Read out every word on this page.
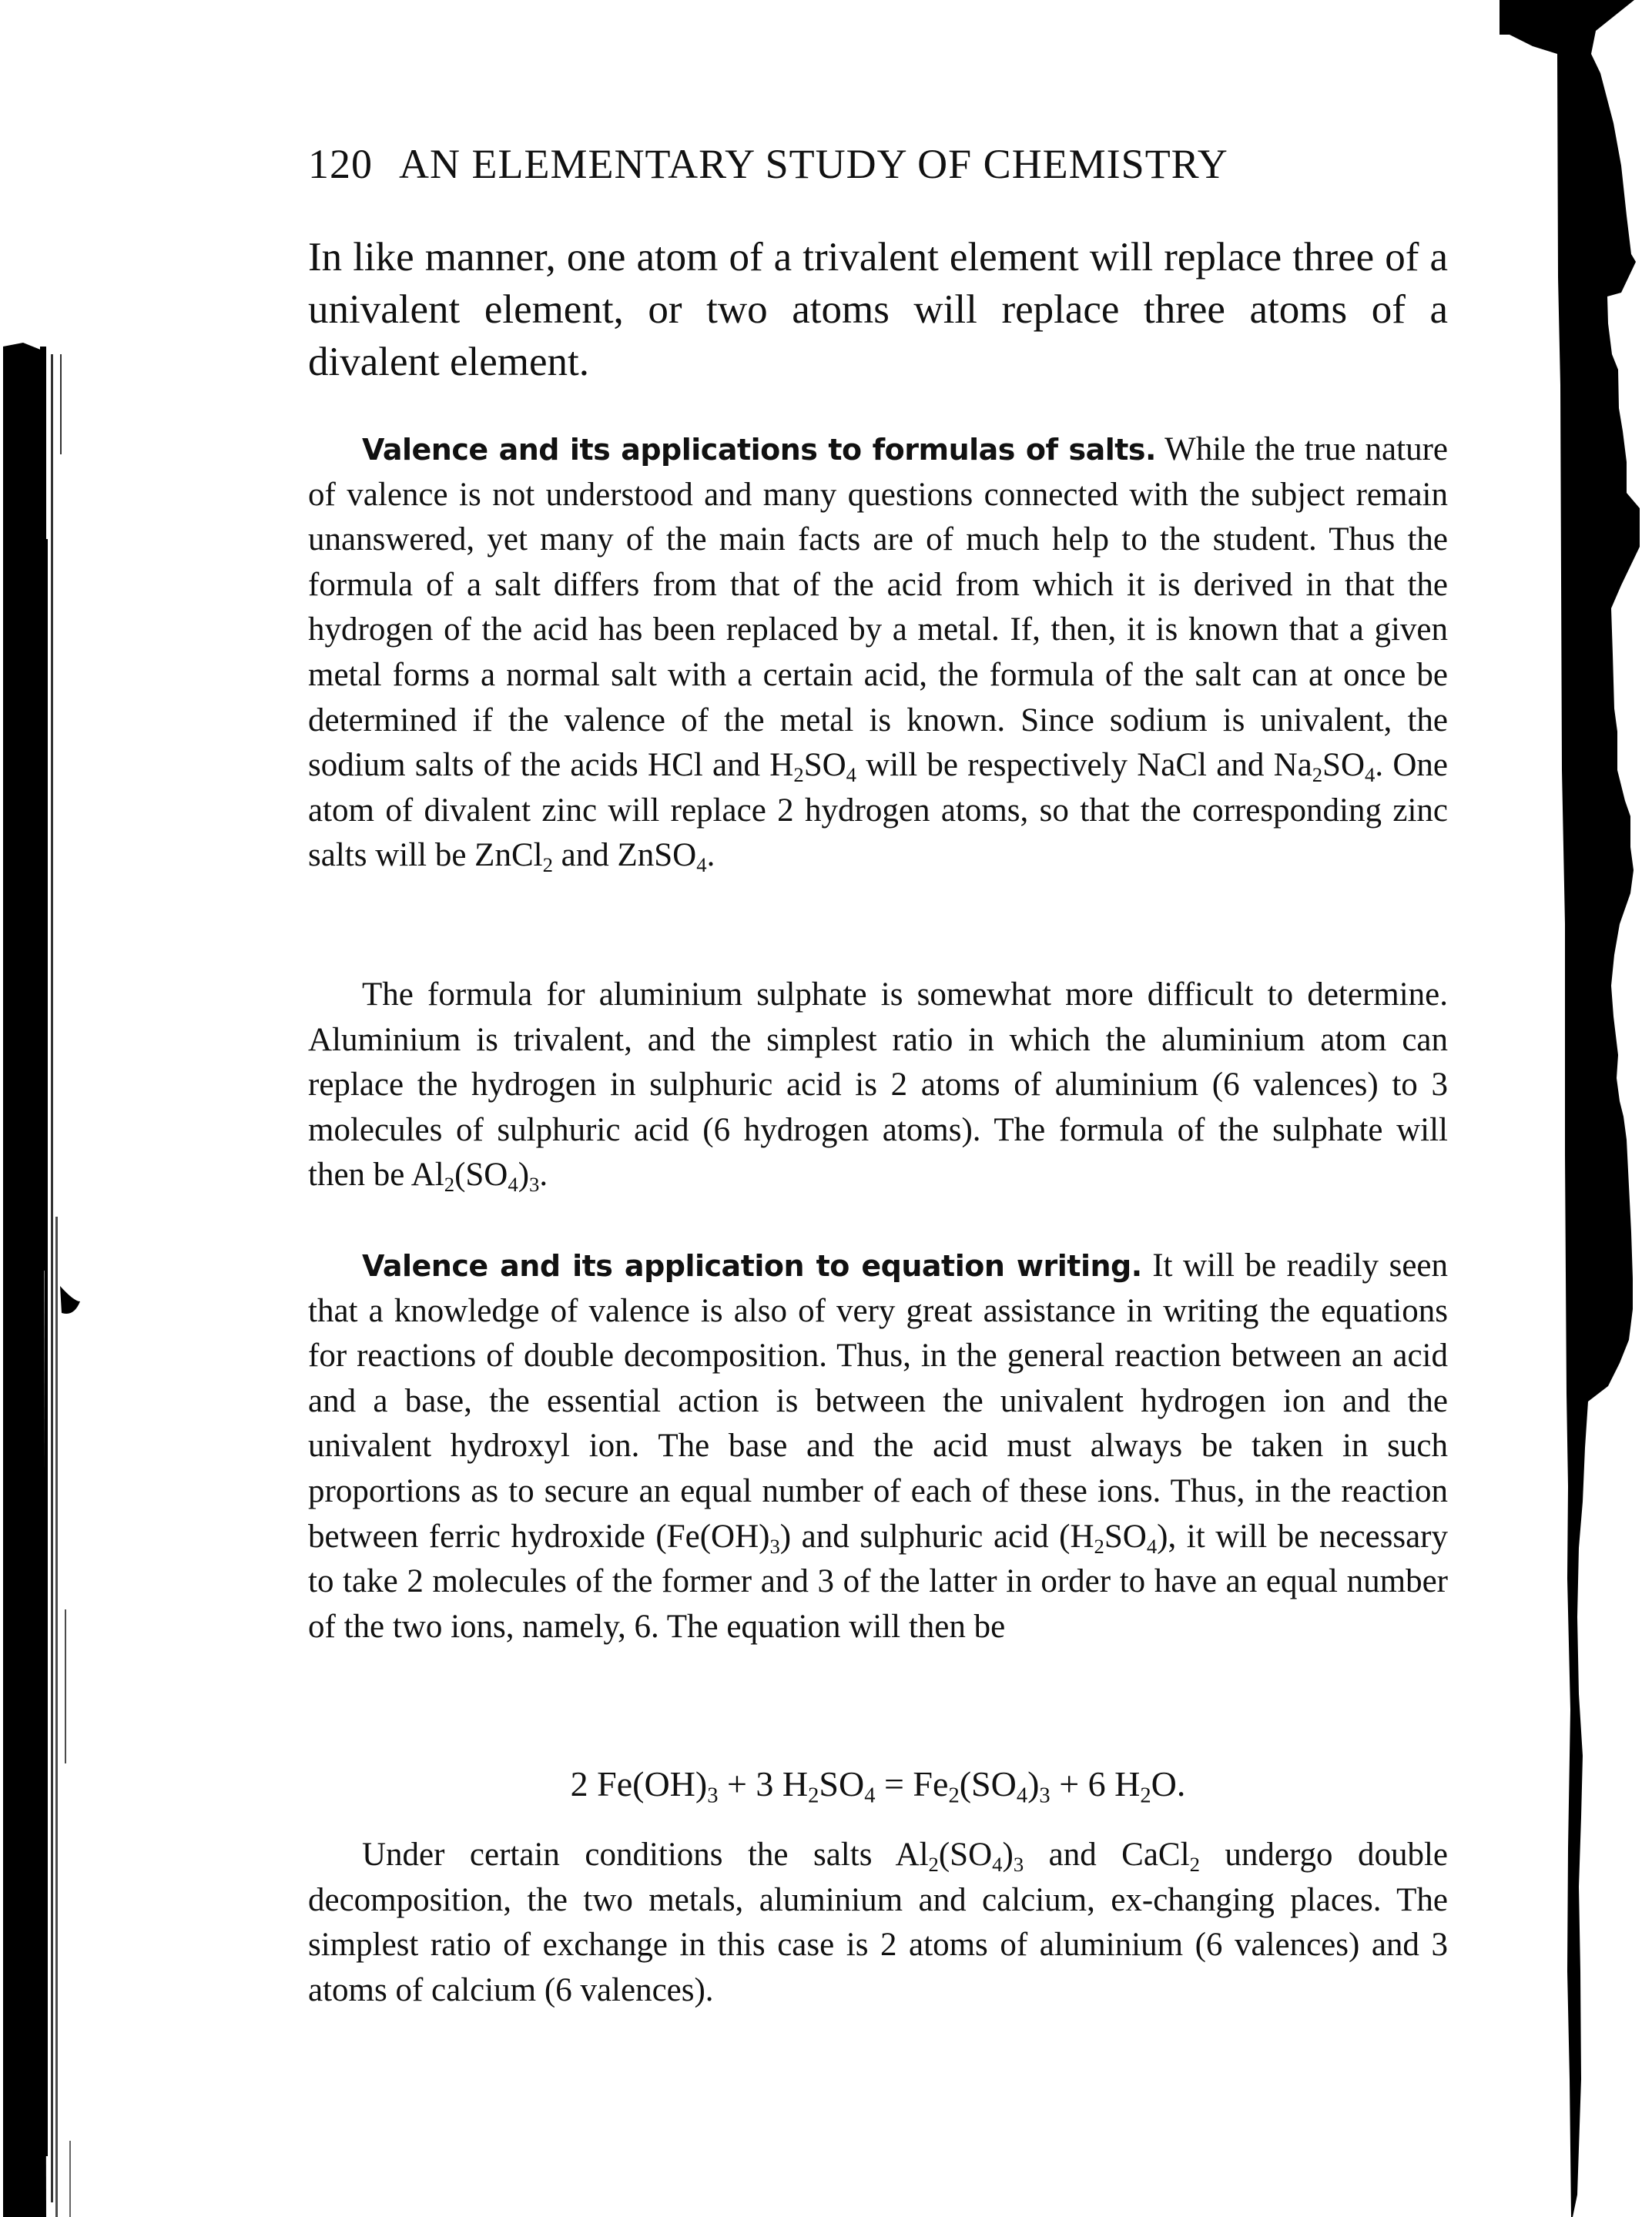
120 AN ELEMENTARY STUDY OF CHEMISTRY

In like manner, one atom of a trivalent element will replace three of a univalent element, or two atoms will replace three atoms of a divalent element.

Valence and its applications to formulas of salts. While the true nature of valence is not understood and many questions connected with the subject remain unanswered, yet many of the main facts are of much help to the student. Thus the formula of a salt differs from that of the acid from which it is derived in that the hydrogen of the acid has been replaced by a metal. If, then, it is known that a given metal forms a normal salt with a certain acid, the formula of the salt can at once be determined if the valence of the metal is known. Since sodium is univalent, the sodium salts of the acids HCl and $H_2SO_4$ will be respectively NaCl and $Na_2SO_4$. One atom of divalent zinc will replace 2 hydrogen atoms, so that the corresponding zinc salts will be ZnCl$_2$ and ZnSO$_4$.

The formula for aluminium sulphate is somewhat more difficult to determine. Aluminium is trivalent, and the simplest ratio in which the aluminium atom can replace the hydrogen in sulphuric acid is 2 atoms of aluminium (6 valences) to 3 molecules of sulphuric acid (6 hydrogen atoms). The formula of the sulphate will then be $Al_2(SO_4)_3$.

Valence and its application to equation writing. It will be readily seen that a knowledge of valence is also of very great assistance in writing the equations for reactions of double decomposition. Thus, in the general reaction between an acid and a base, the essential action is between the univalent hydrogen ion and the univalent hydroxyl ion. The base and the acid must always be taken in such proportions as to secure an equal number of each of these ions. Thus, in the reaction between ferric hydroxide $(Fe(OH)_3)$ and sulphuric acid $(H_2SO_4)$, it will be necessary to take 2 molecules of the former and 3 of the latter in order to have an equal number of the two ions, namely, 6. The equation will then be

2 $Fe(OH)_3 + 3$ $H_2SO_4 = Fe_2(SO_4)_3 + 6$ $H_2O$.

Under certain conditions the salts $Al_2(SO_4)_3$ and CaCl$_2$ undergo double decomposition, the two metals, aluminium and calcium, ex-changing places. The simplest ratio of exchange in this case is 2 atoms of aluminium (6 valences) and 3 atoms of calcium (6 valences).
